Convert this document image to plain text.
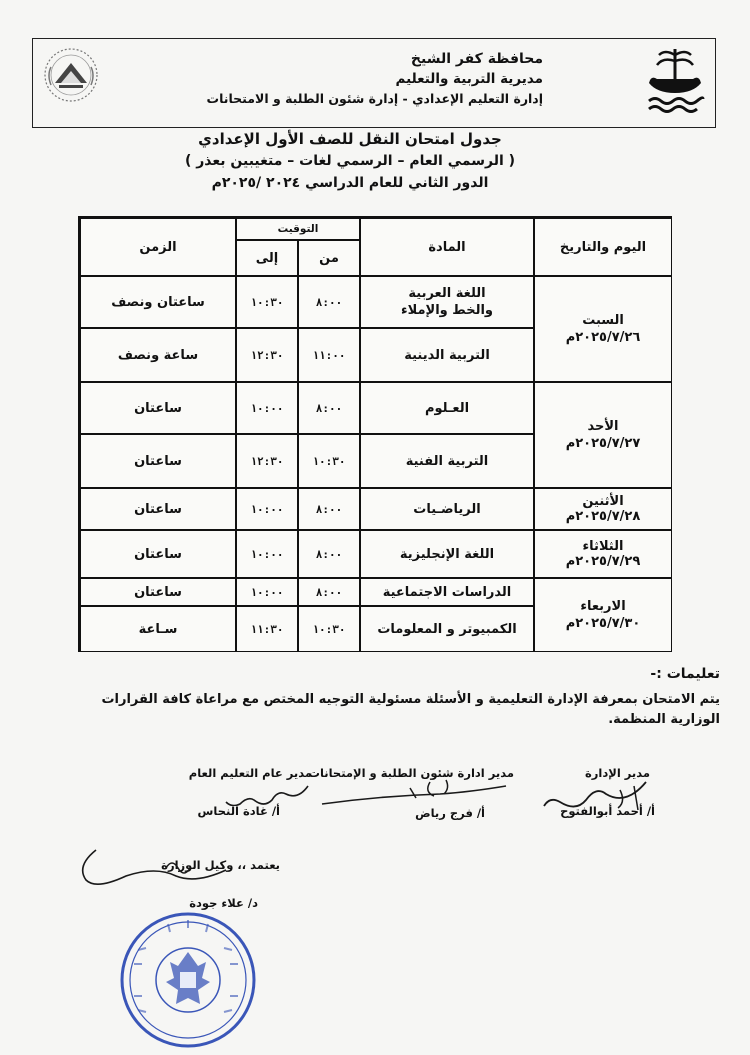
محافظة كفر الشيخ
مديرية التربية والتعليم
إدارة التعليم الإعدادي - إدارة شئون الطلبة و الامتحانات
جدول امتحان النقل للصف الأول الإعدادي
( الرسمي العام – الرسمي لغات – متغيبين بعذر )
الدور الثاني للعام الدراسي ٢٠٢٤ /٢٠٢٥م
اليوم والتاريخ
المادة
التوقيت
من
إلى
الزمن
السبت
٢٠٢٥/٧/٢٦م
الأحد
٢٠٢٥/٧/٢٧م
الأثنين
٢٠٢٥/٧/٢٨م
الثلاثاء
٢٠٢٥/٧/٢٩م
الاربعاء
٢٠٢٥/٧/٣٠م
اللغة العربية والخط والإملاء
٨:٠٠
١٠:٣٠
ساعتان ونصف
التربية الدينية
١١:٠٠
١٢:٣٠
ساعة ونصف
العـلوم
٨:٠٠
١٠:٠٠
ساعتان
التربية الفنية
١٠:٣٠
١٢:٣٠
ساعتان
الرياضـيات
٨:٠٠
١٠:٠٠
ساعتان
اللغة الإنجليزية
٨:٠٠
١٠:٠٠
ساعتان
الدراسات الاجتماعية
٨:٠٠
١٠:٠٠
ساعتان
الكمبيوتر و المعلومات
١٠:٣٠
١١:٣٠
سـاعة
تعليمات :-
يتم الامتحان بمعرفة الإدارة التعليمية و الأسئلة مسئولية التوجيه المختص مع مراعاة كافة القرارات الوزارية المنظمة.
مدير الإدارة
أ/ أحمد أبوالفتوح
مدير ادارة شئون الطلبة و الإمتحانات
أ/ فرج رياض
مدير عام التعليم العام
أ/ غادة النحاس
يعتمد ،، وكيل الوزارة
د/ علاء جودة
